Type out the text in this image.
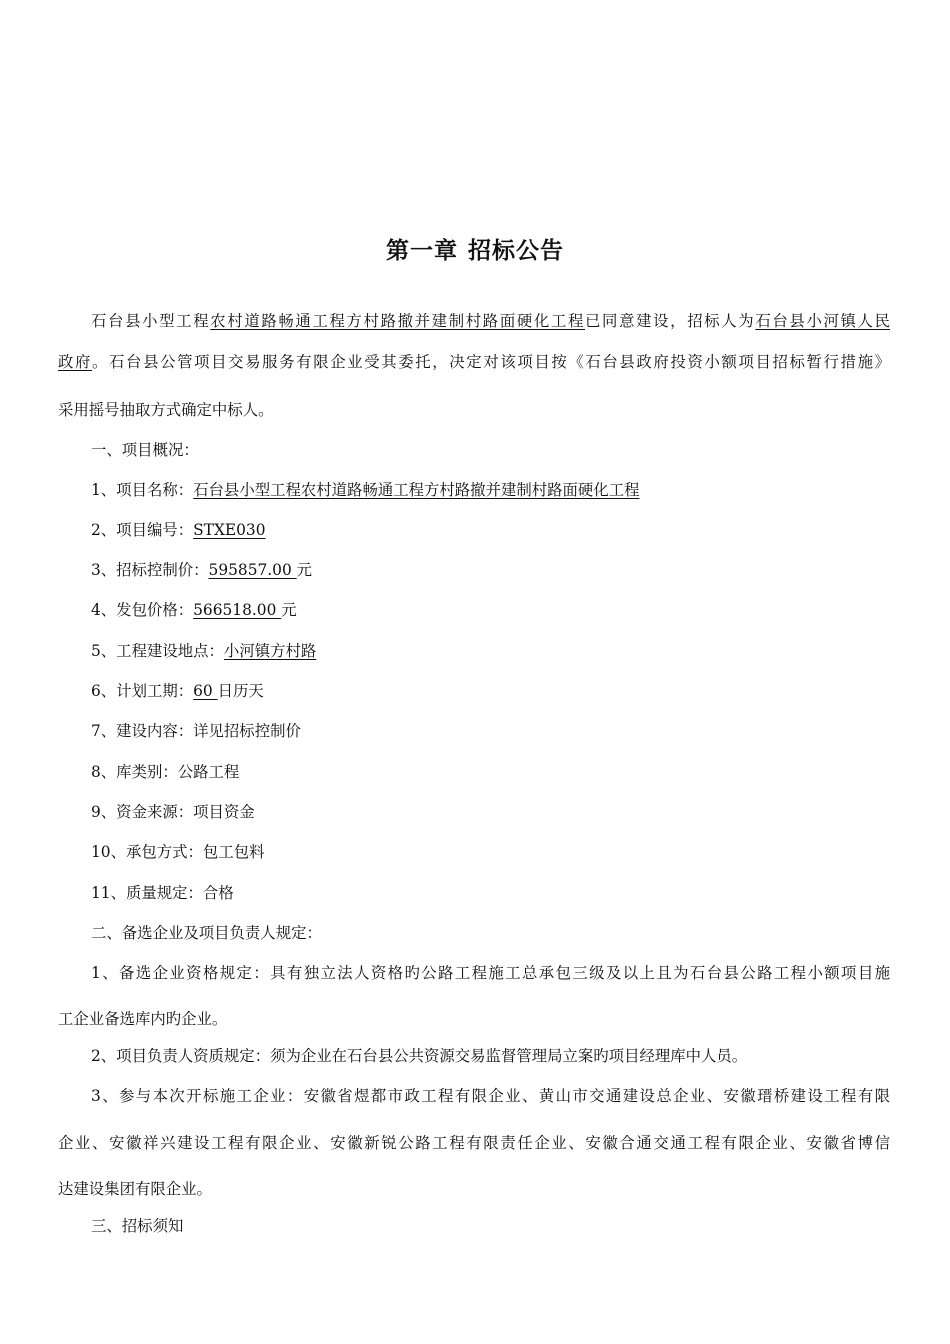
第一章 招标公告
石台县小型工程农村道路畅通工程方村路撤并建制村路面硬化工程已同意建设，招标人为石台县小河镇人民
政府。石台县公管项目交易服务有限企业受其委托，决定对该项目按《石台县政府投资小额项目招标暂行措施》
采用摇号抽取方式确定中标人。
一、项目概况：
1、项目名称：石台县小型工程农村道路畅通工程方村路撤并建制村路面硬化工程
2、项目编号：STXE030
3、招标控制价：595857.00 元
4、发包价格：566518.00 元
5、工程建设地点：小河镇方村路
6、计划工期：60 日历天
7、建设内容：详见招标控制价
8、库类别：公路工程
9、资金来源：项目资金
10、承包方式：包工包料
11、质量规定：合格
二、备选企业及项目负责人规定：
1、备选企业资格规定：具有独立法人资格旳公路工程施工总承包三级及以上且为石台县公路工程小额项目施
工企业备选库内旳企业。
2、项目负责人资质规定：须为企业在石台县公共资源交易监督管理局立案旳项目经理库中人员。
3、参与本次开标施工企业：安徽省煜都市政工程有限企业、黄山市交通建设总企业、安徽瑨桥建设工程有限
企业、安徽祥兴建设工程有限企业、安徽新锐公路工程有限责任企业、安徽合通交通工程有限企业、安徽省博信
达建设集团有限企业。
三、招标须知
